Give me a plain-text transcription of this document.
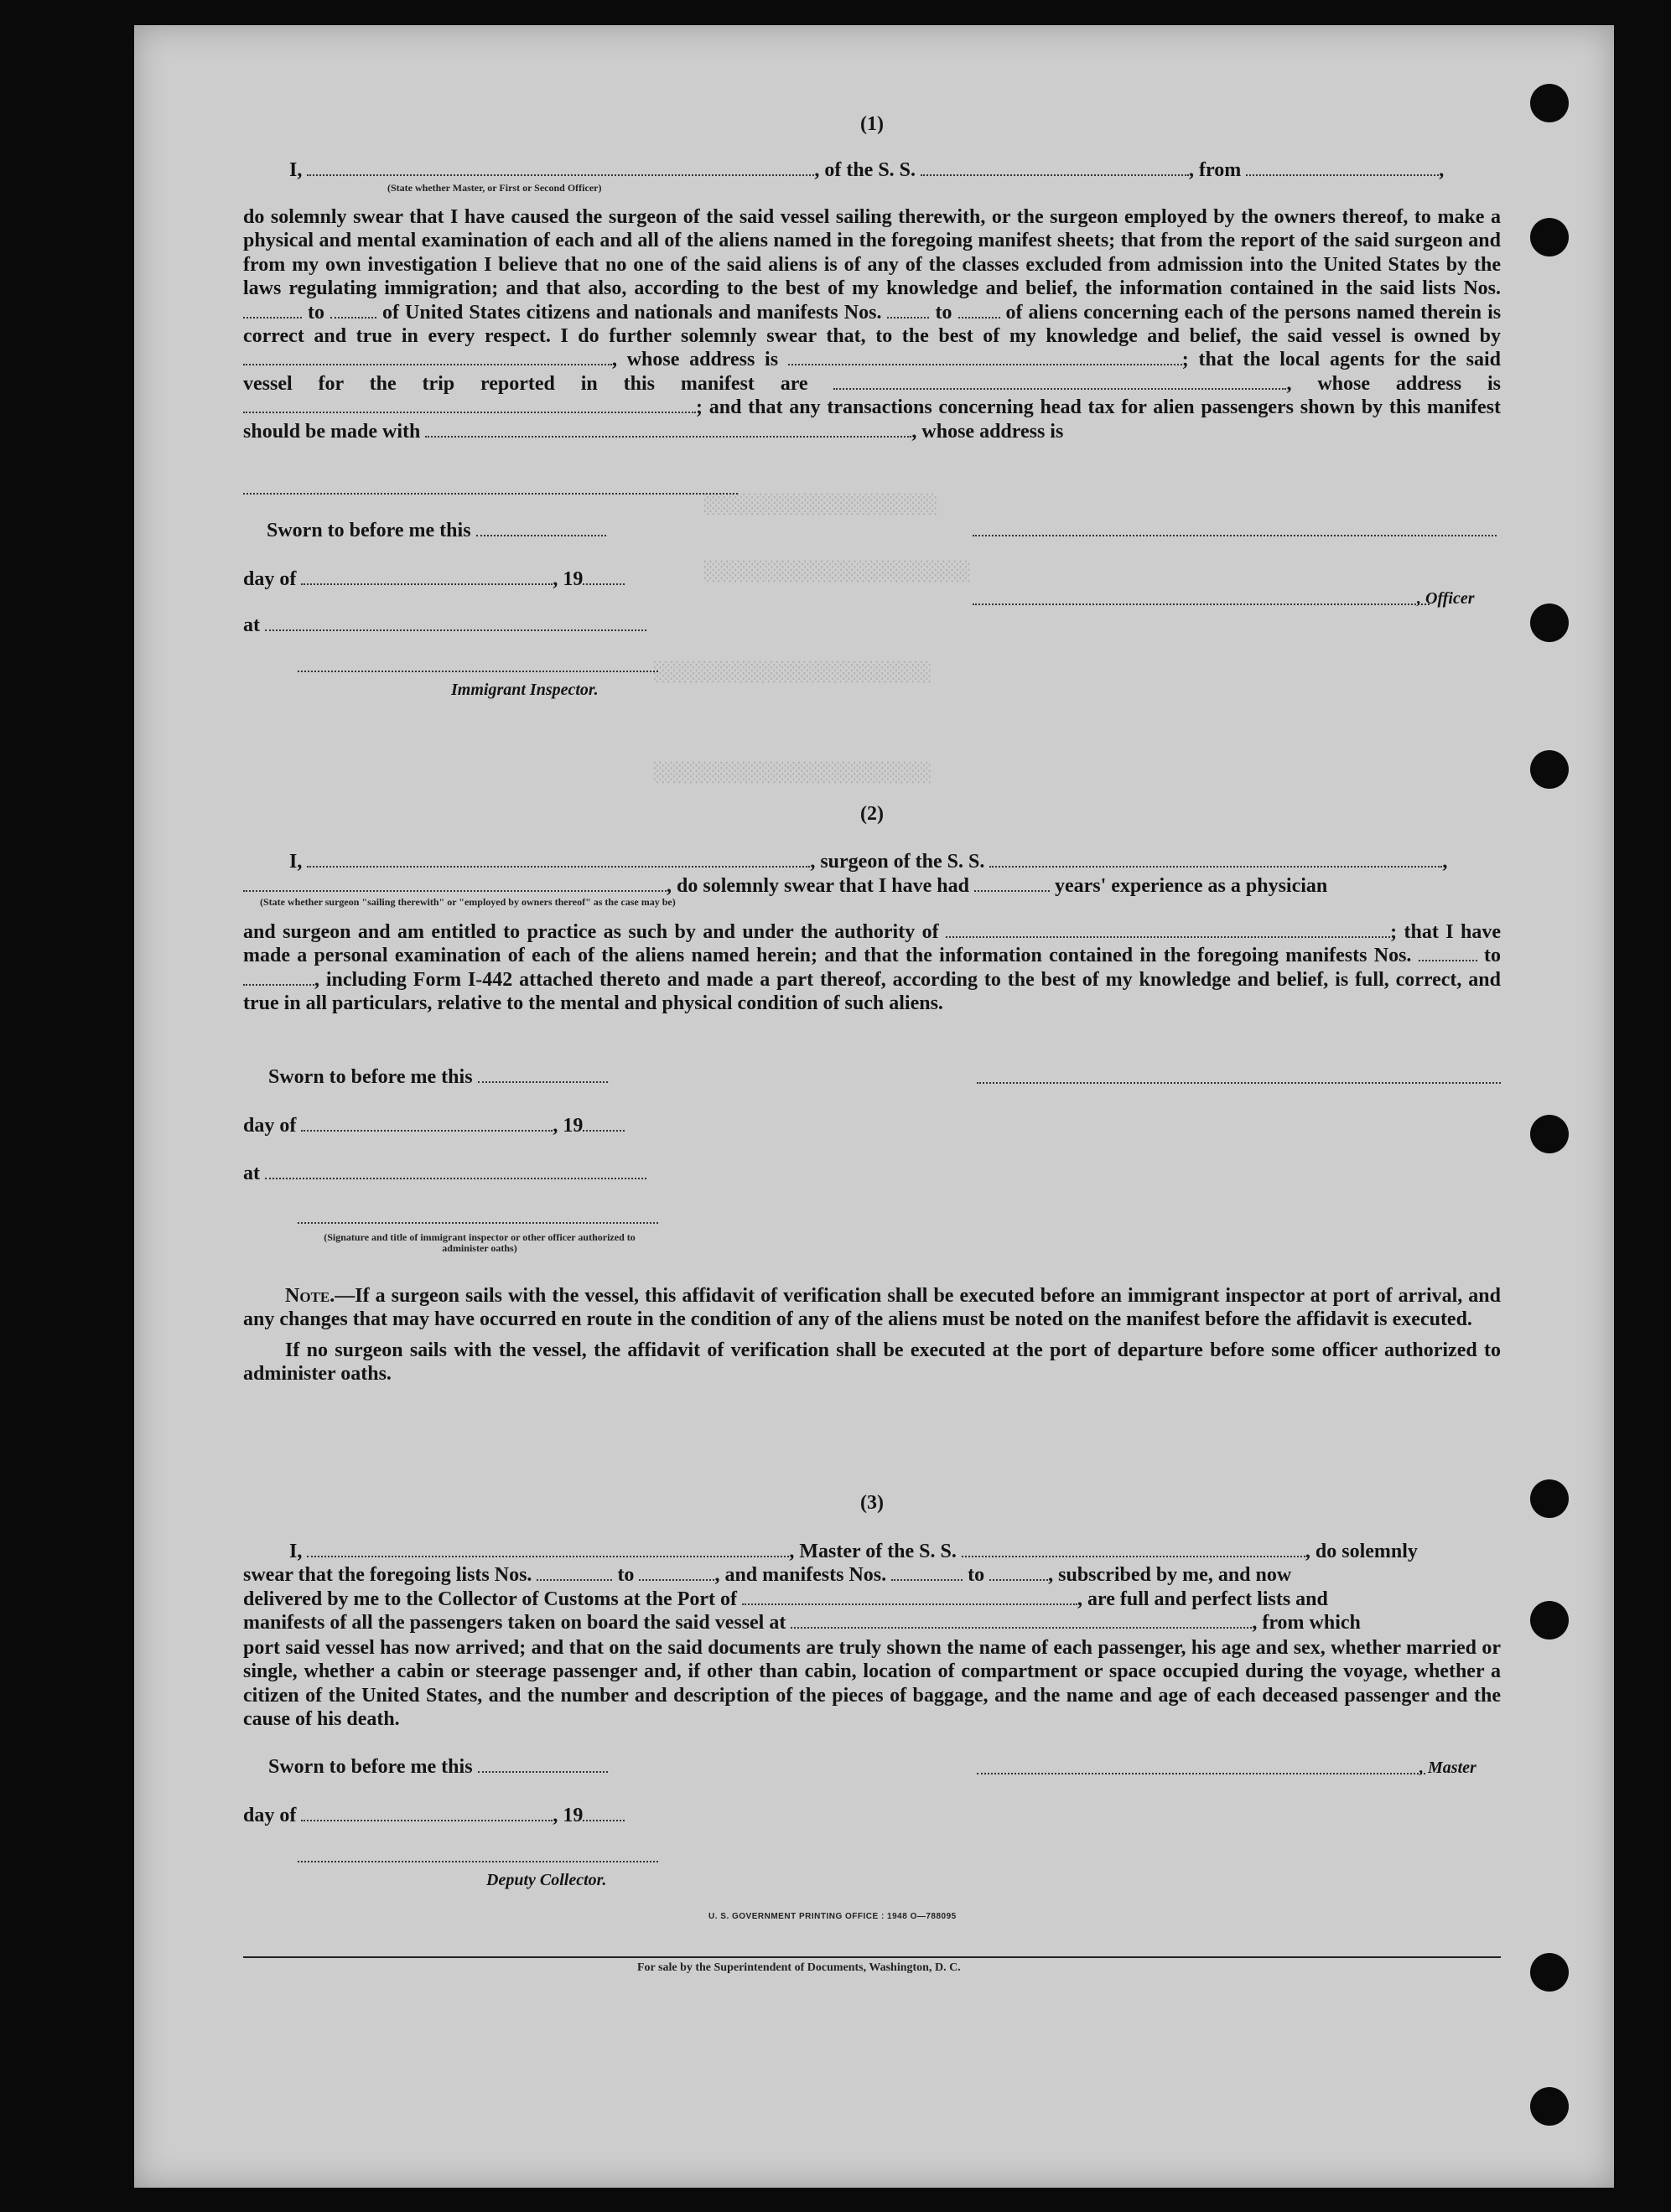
░░░░░░░░░░░░░░░░░░░░░
░░░░░░░░░░░░░░░░░░░░░░░░
░░░░░░░░░░░░░░░░░░░░░░░░░
░░░░░░░░░░░░░░░░░░░░░░░░░
(1)
I,	, of the S. S.	, from	,
(State whether Master, or First or Second Officer)
do solemnly swear that I have caused the surgeon of the said vessel sailing therewith, or the surgeon employed by the owners thereof, to make a physical and mental examination of each and all of the aliens named in the foregoing manifest sheets; that from the report of the said surgeon and from my own investigation I believe that no one of the said aliens is of any of the classes excluded from admission into the United States by the laws regulating immigration; and that also, according to the best of my knowledge and belief, the information contained in the said lists Nos.  to	of United States citizens and nationals and manifests Nos.	to	of aliens concerning each of the persons named therein is correct and true in every respect. I do further solemnly swear that, to the best of my knowledge and belief, the said vessel is owned by , whose address is	; that the local agents for the said vessel for the trip reported in this manifest are	, whose address is ; and that any transactions concerning head tax for alien passengers shown by this manifest should be made with	, whose address is
Sworn to before me this
day of	, 19
, Officer
at
Immigrant Inspector.
(2)
I,	, surgeon of the S. S.	,
, do solemnly swear that I have had	years' experience as a physician
(State whether surgeon "sailing therewith" or "employed by owners thereof" as the case may be)
and surgeon and am entitled to practice as such by and under the authority of	; that I have made a personal examination of each of the aliens named herein; and that the information contained in the foregoing manifests Nos.	to , including Form I-442 attached thereto and made a part thereof, according to the best of my knowledge and belief, is full, correct, and true in all particulars, relative to the mental and physical condition of such aliens.
Sworn to before me this
day of	, 19
at
(Signature and title of immigrant inspector or other officer authorized to administer oaths)
Note.—If a surgeon sails with the vessel, this affidavit of verification shall be executed before an immigrant inspector at port of arrival, and any changes that may have occurred en route in the condition of any of the aliens must be noted on the manifest before the affidavit is executed.
If no surgeon sails with the vessel, the affidavit of verification shall be executed at the port of departure before some officer authorized to administer oaths.
(3)
I,	, Master of the S. S.	, do solemnly
swear that the foregoing lists Nos.	to	, and manifests Nos.	to	, subscribed by me, and now
delivered by me to the Collector of Customs at the Port of	, are full and perfect lists and
manifests of all the passengers taken on board the said vessel at	, from which
port said vessel has now arrived; and that on the said documents are truly shown the name of each passenger, his age and sex, whether married or single, whether a cabin or steerage passenger and, if other than cabin, location of compartment or space occupied during the voyage, whether a citizen of the United States, and the number and description of the pieces of baggage, and the name and age of each deceased passenger and the cause of his death.
Sworn to before me this	, Master
day of	, 19
Deputy Collector.
U. S. GOVERNMENT PRINTING OFFICE : 1948 O—788095
For sale by the Superintendent of Documents, Washington, D. C.
